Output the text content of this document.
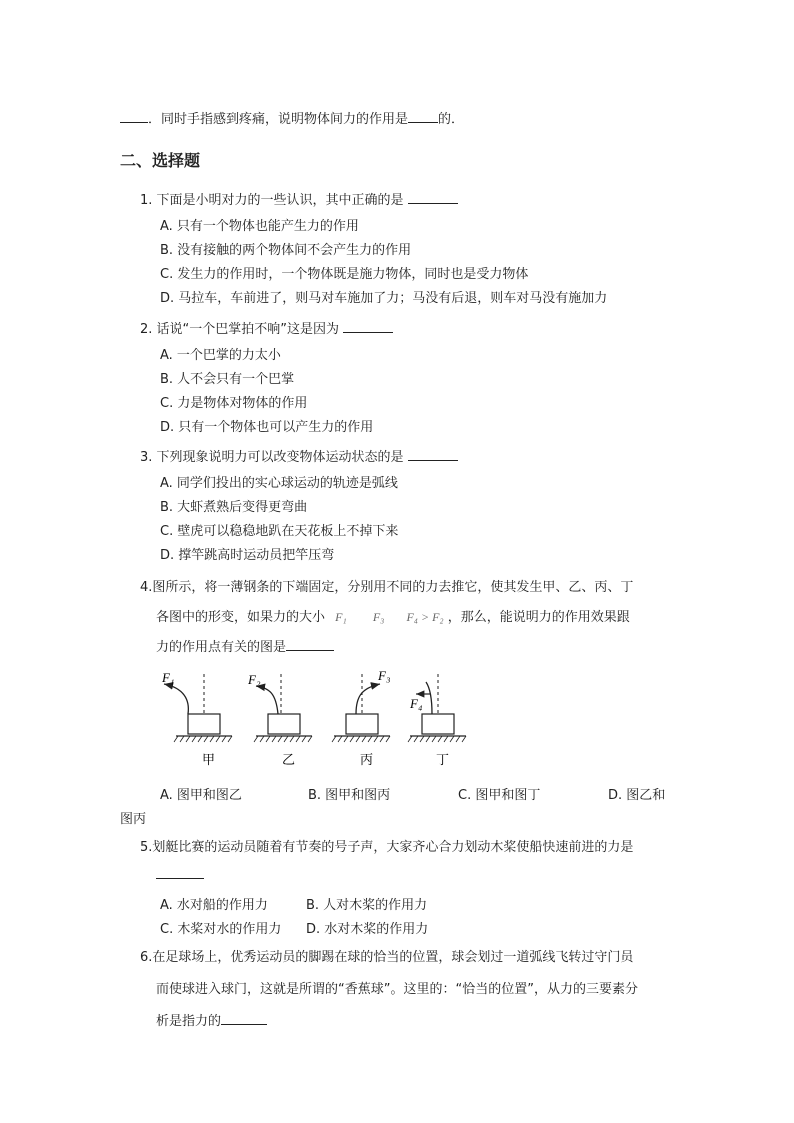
．同时手指感到疼痛，说明物体间力的作用是 的．
二、选择题
1. 下面是小明对力的一些认识，其中正确的是
A. 只有一个物体也能产生力的作用
B. 没有接触的两个物体间不会产生力的作用
C. 发生力的作用时，一个物体既是施力物体，同时也是受力物体
D. 马拉车，车前进了，则马对车施加了力；马没有后退，则车对马没有施加力
2. 话说“一个巴掌拍不响”这是因为
A. 一个巴掌的力太小
B. 人不会只有一个巴掌
C. 力是物体对物体的作用
D. 只有一个物体也可以产生力的作用
3. 下列现象说明力可以改变物体运动状态的是
A. 同学们投出的实心球运动的轨迹是弧线
B. 大虾煮熟后变得更弯曲
C. 壁虎可以稳稳地趴在天花板上不掉下来
D. 撑竿跳高时运动员把竿压弯
4.图所示，将一薄钢条的下端固定，分别用不同的力去推它，使其发生甲、乙、丙、丁
各图中的形变，如果力的大小 F₁ F₃ F₄ > F₂ ，那么，能说明力的作用效果跟
力的作用点有关的图是
F₁
甲
F₂
乙
F₃
丙
F₄
丁
A. 图甲和图乙	B. 图甲和图丙	C. 图甲和图丁	D. 图乙和
图丙
5.划艇比赛的运动员随着有节奏的号子声，大家齐心合力划动木桨使船快速前进的力是
A. 水对船的作用力	B. 人对木桨的作用力
C. 木桨对水的作用力 D. 水对木桨的作用力
6.在足球场上，优秀运动员的脚踢在球的恰当的位置，球会划过一道弧线飞转过守门员
而使球进入球门，这就是所谓的“香蕉球”。这里的：“恰当的位置”，从力的三要素分
析是指力的
